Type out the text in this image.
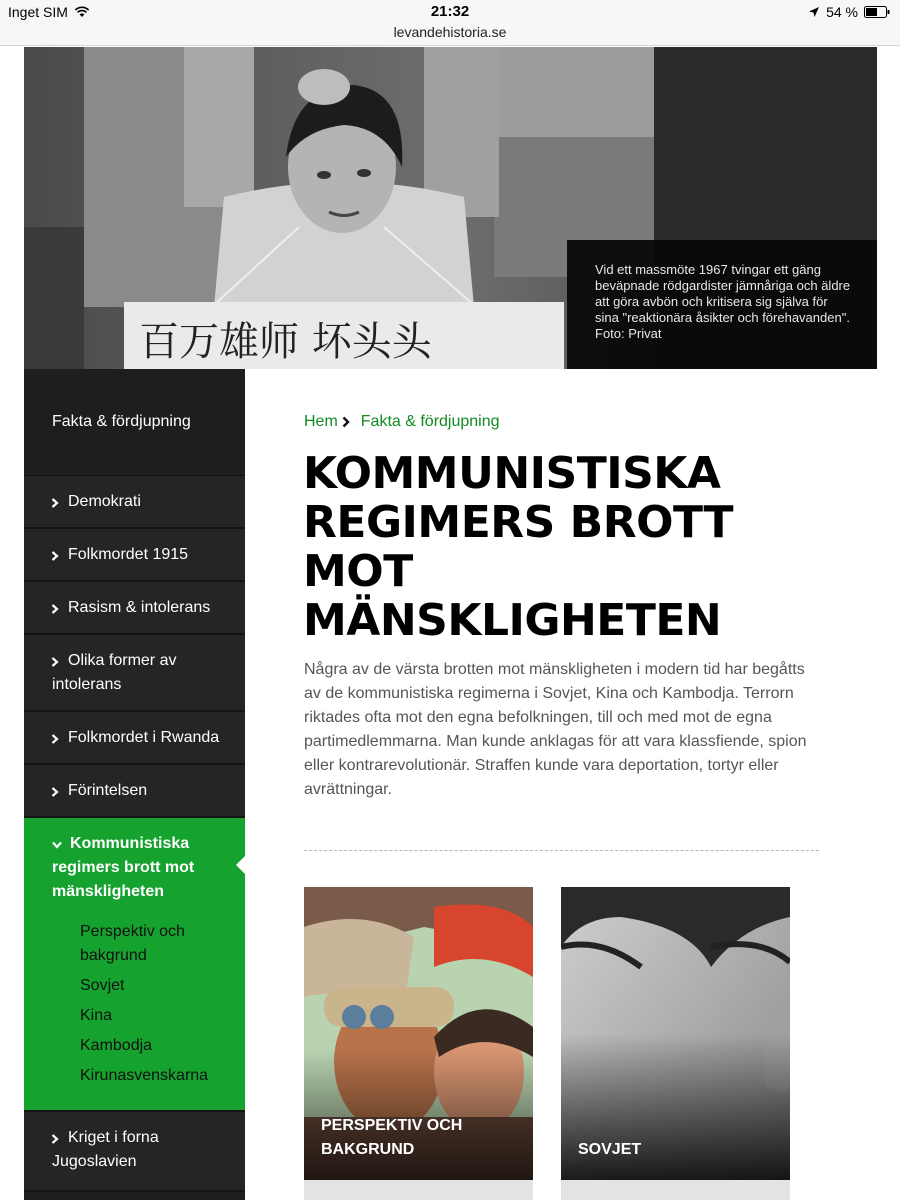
Inget SIM	21:32
levandehistoria.se
54 %
百万雄师 坏头头
Vid ett massmöte 1967 tvingar ett gäng beväpnade rödgardister jämnåriga och äldre att göra avbön och kritisera sig själva för sina "reaktionära åsikter och förehavanden". Foto: Privat
Fakta & fördjupning
Demokrati
Folkmordet 1915
Rasism & intolerans
Olika former av intolerans
Folkmordet i Rwanda
Förintelsen
Kommunistiska regimers brott mot mänskligheten
Perspektiv och bakgrund
Sovjet
Kina
Kambodja
Kirunasvenskarna
Kriget i forna Jugoslavien
Hem Fakta & fördjupning
KOMMUNISTISKA REGIMERS BROTT MOT MÄNSKLIGHETEN

Några av de värsta brotten mot mänskligheten i modern tid har begåtts av de kommunistiska regimerna i Sovjet, Kina och Kambodja. Terrorn riktades ofta mot den egna befolkningen, till och med mot de egna partimedlemmarna. Man kunde anklagas för att vara klassfiende, spion eller kontrarevolutionär. Straffen kunde vara deportation, tortyr eller avrättningar.

PERSPEKTIV OCH BAKGRUND	SOVJET
